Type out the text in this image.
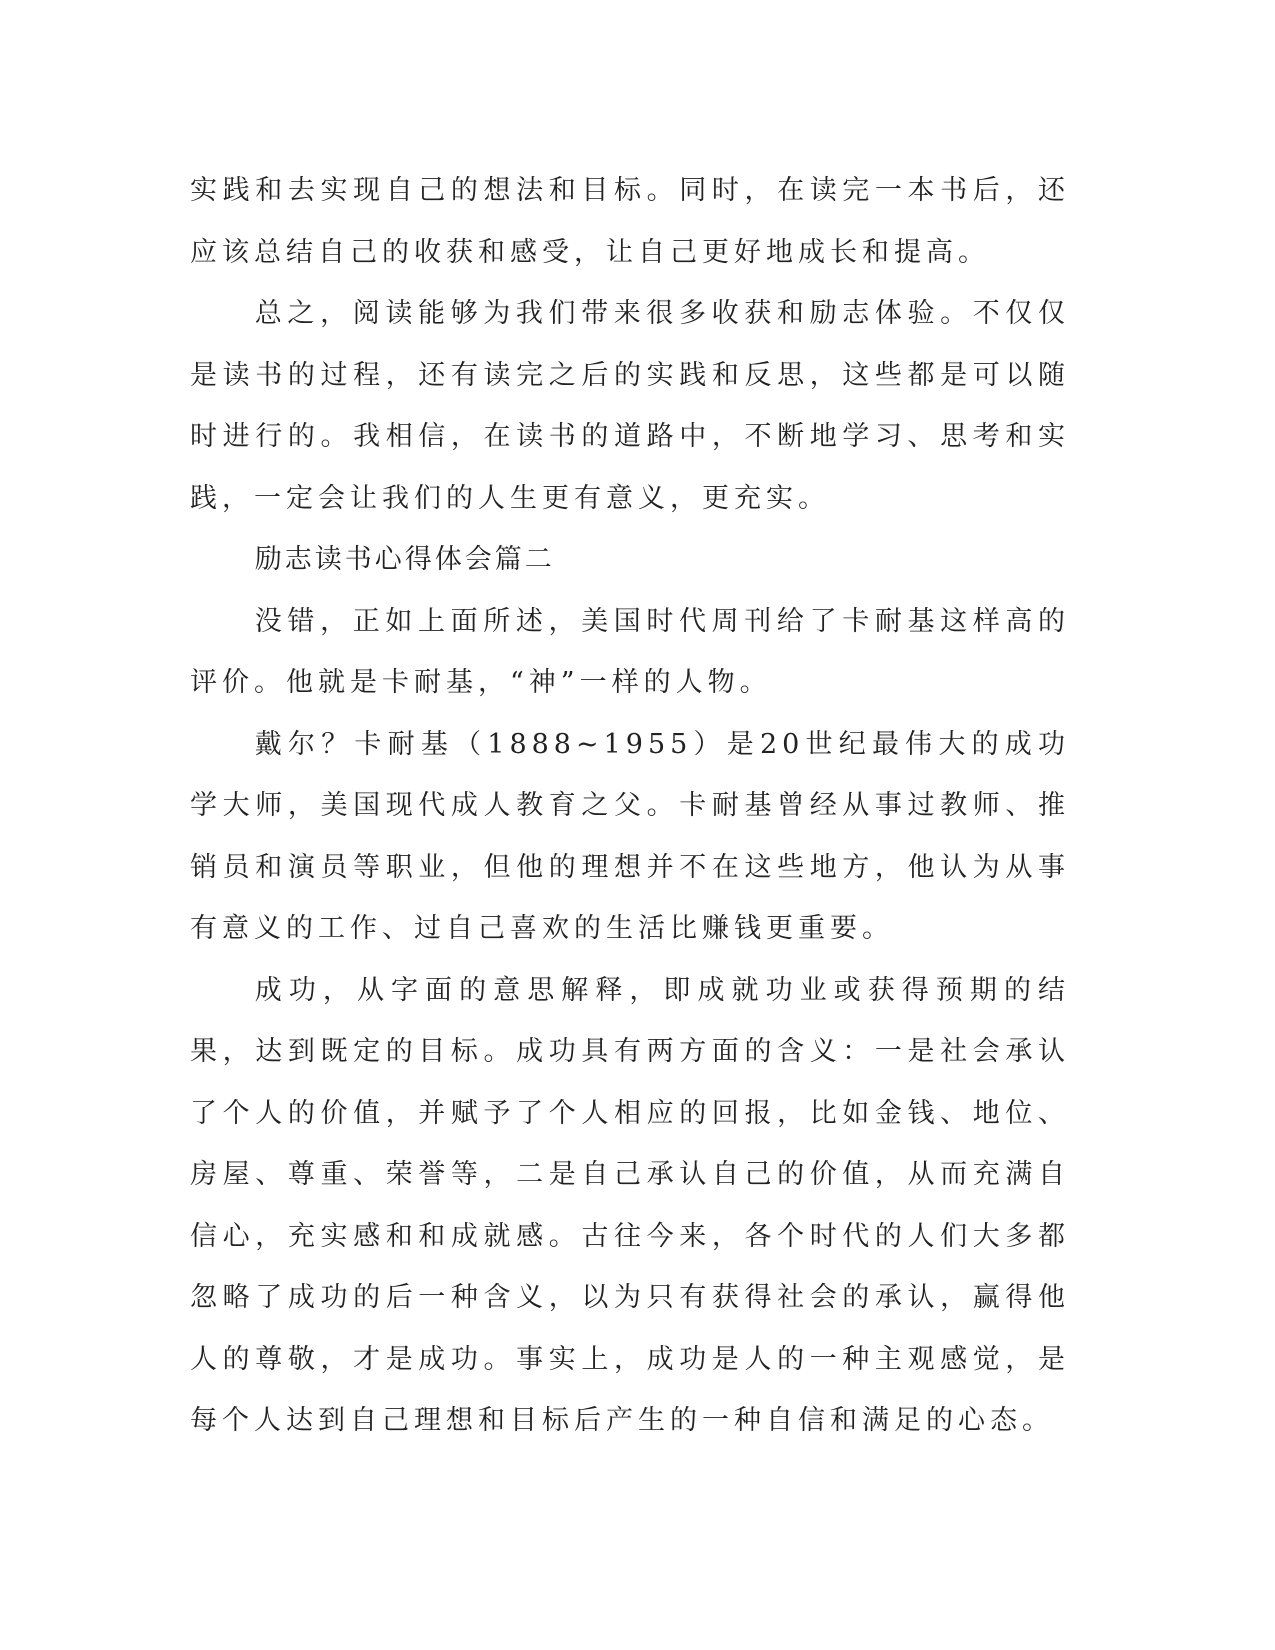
实践和去实现自己的想法和目标。同时，在读完一本书后，还应该总结自己的收获和感受，让自己更好地成长和提高。

总之，阅读能够为我们带来很多收获和励志体验。不仅仅是读书的过程，还有读完之后的实践和反思，这些都是可以随时进行的。我相信，在读书的道路中，不断地学习、思考和实践，一定会让我们的人生更有意义，更充实。

励志读书心得体会篇二

没错，正如上面所述，美国时代周刊给了卡耐基这样高的评价。他就是卡耐基，“神”一样的人物。

戴尔？卡耐基（1888~1955）是20世纪最伟大的成功学大师，美国现代成人教育之父。卡耐基曾经从事过教师、推销员和演员等职业，但他的理想并不在这些地方，他认为从事有意义的工作、过自己喜欢的生活比赚钱更重要。

成功，从字面的意思解释，即成就功业或获得预期的结果，达到既定的目标。成功具有两方面的含义：一是社会承认了个人的价值，并赋予了个人相应的回报，比如金钱、地位、房屋、尊重、荣誉等，二是自己承认自己的价值，从而充满自信心，充实感和和成就感。古往今来，各个时代的人们大多都忽略了成功的后一种含义，以为只有获得社会的承认，赢得他人的尊敬，才是成功。事实上，成功是人的一种主观感觉，是每个人达到自己理想和目标后产生的一种自信和满足的心态。
